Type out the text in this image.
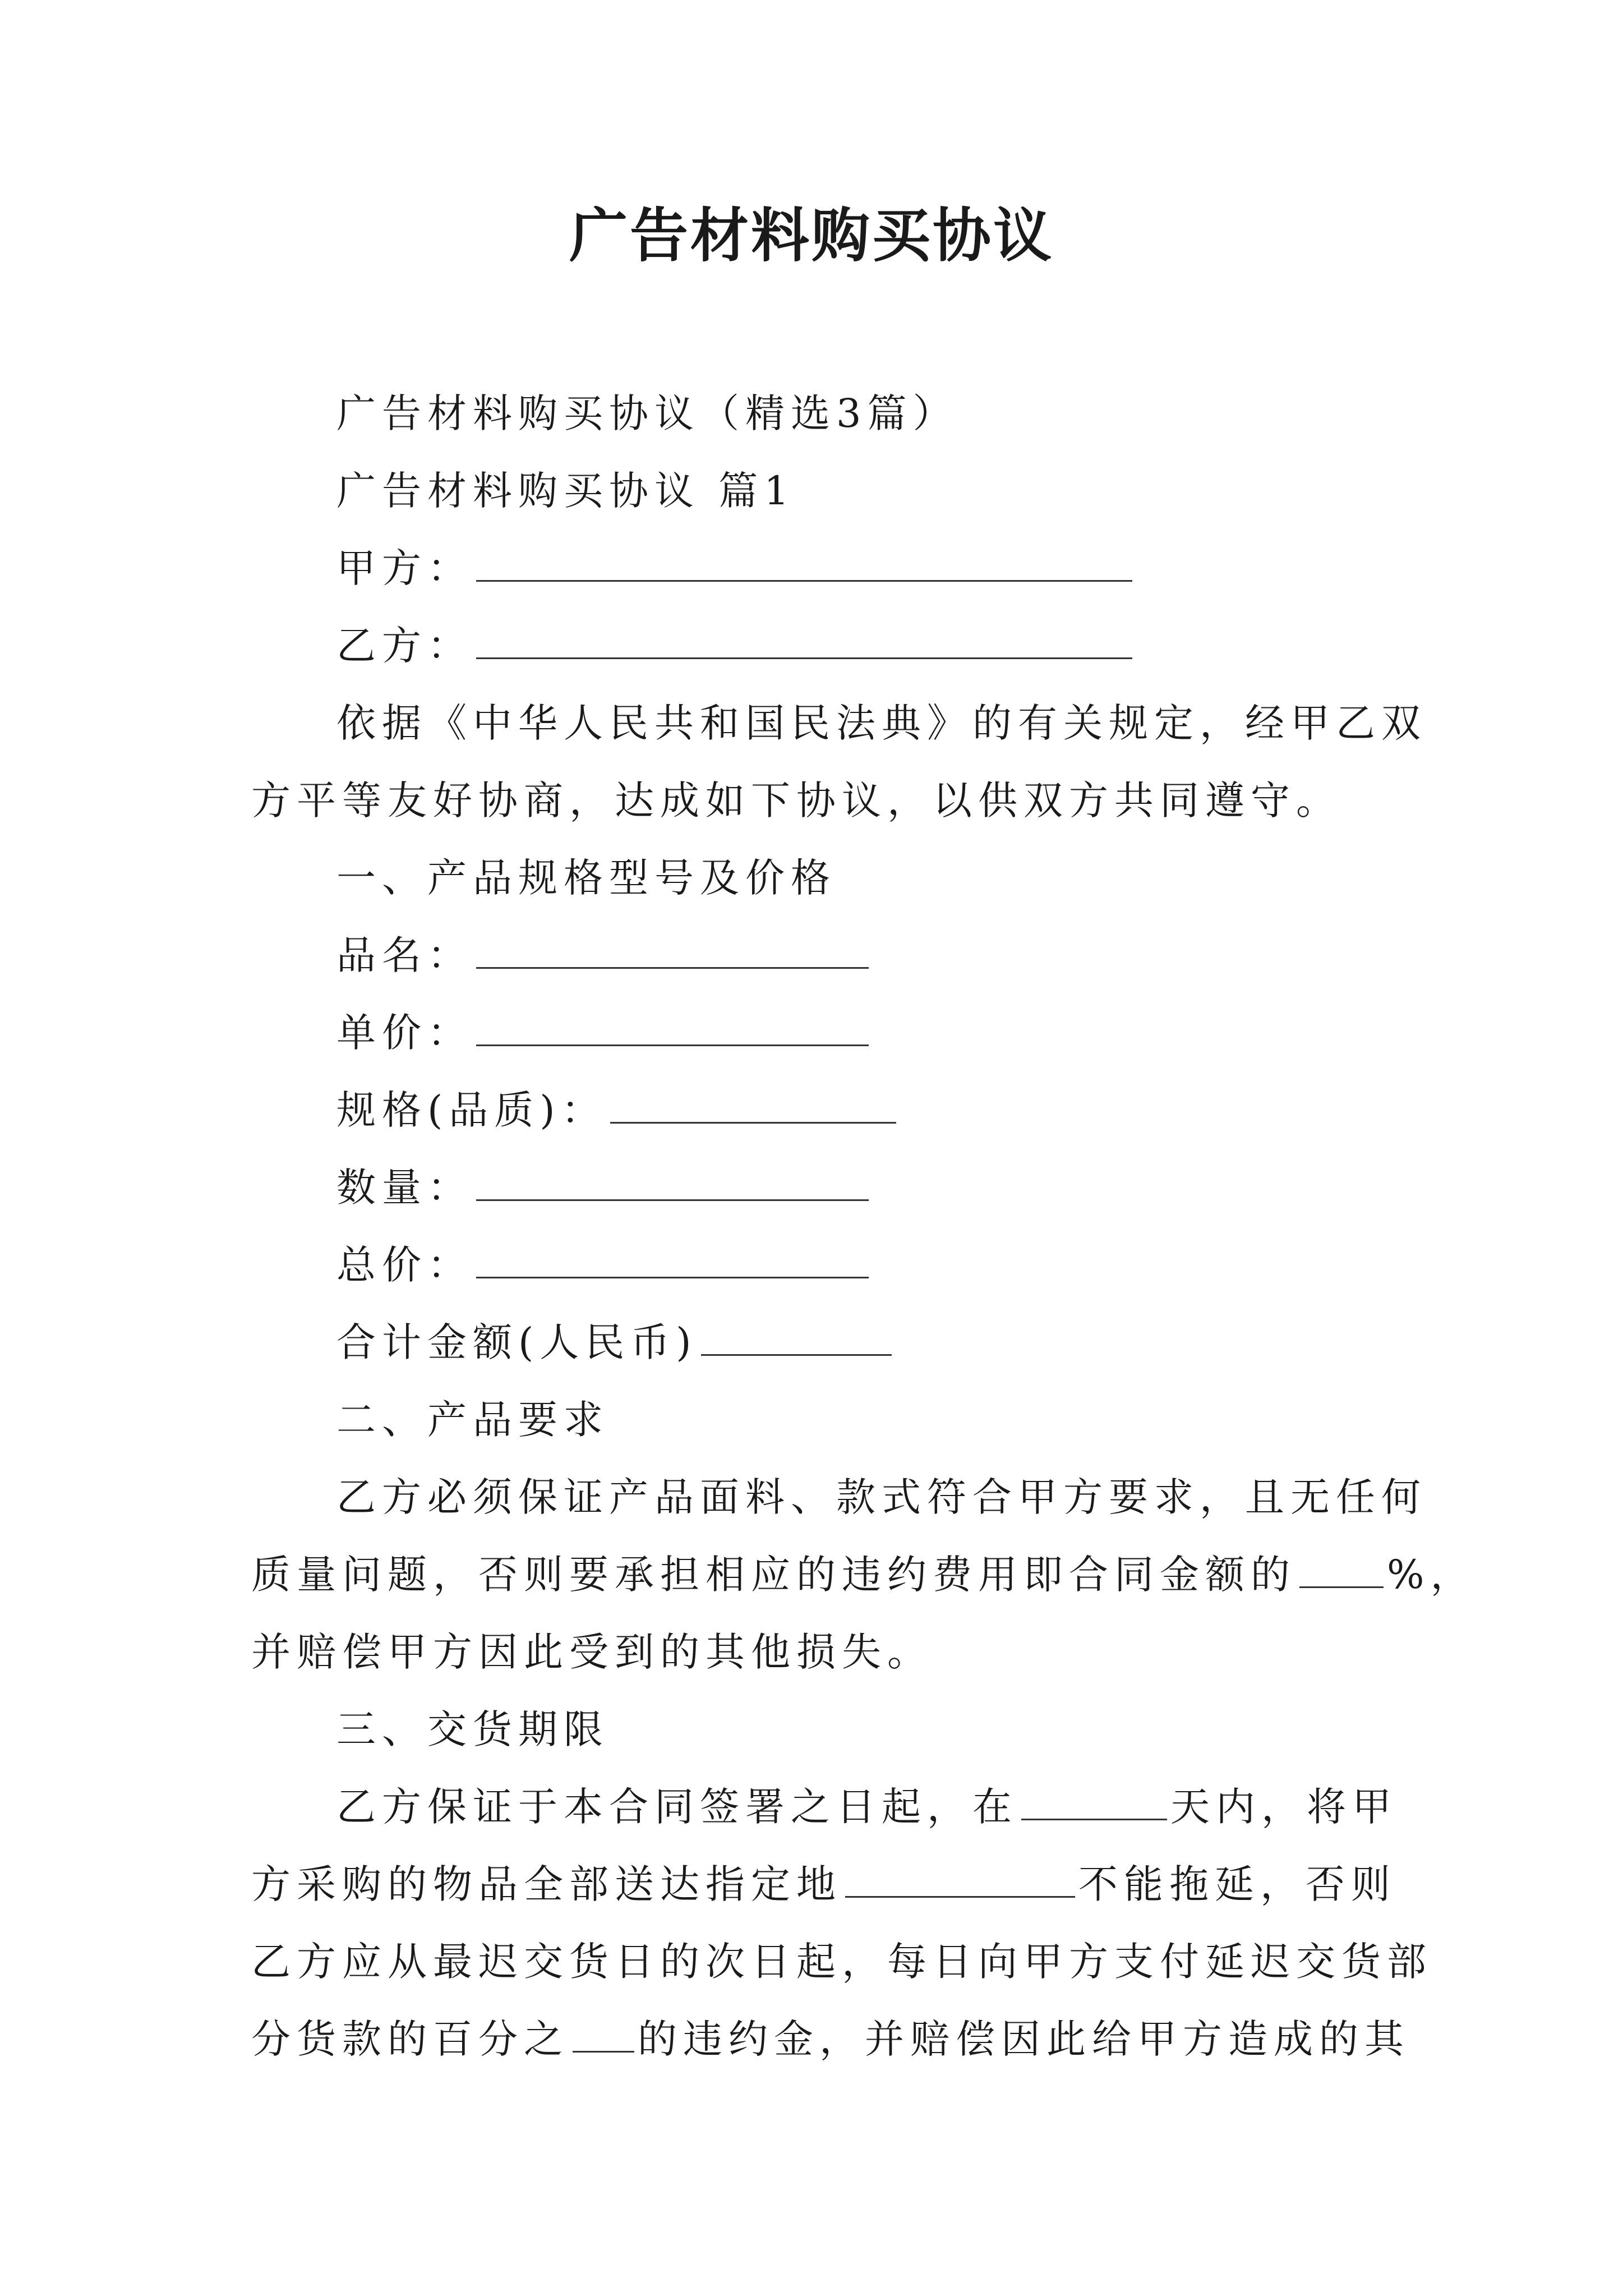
广告材料购买协议

广告材料购买协议（精选3篇）

广告材料购买协议 篇1

甲方：

乙方：

依据《中华人民共和国民法典》的有关规定，经甲乙双

方平等友好协商，达成如下协议，以供双方共同遵守。

一、产品规格型号及价格

品名：

单价：

规格(品质)：

数量：

总价：

合计金额(人民币)

二、产品要求

乙方必须保证产品面料、款式符合甲方要求，且无任何

质量问题，否则要承担相应的违约费用即合同金额的 %，

并赔偿甲方因此受到的其他损失。

三、交货期限

乙方保证于本合同签署之日起，在	天内，将甲

方采购的物品全部送达指定地	不能拖延，否则

乙方应从最迟交货日的次日起，每日向甲方支付延迟交货部

分货款的百分之 的违约金，并赔偿因此给甲方造成的其
